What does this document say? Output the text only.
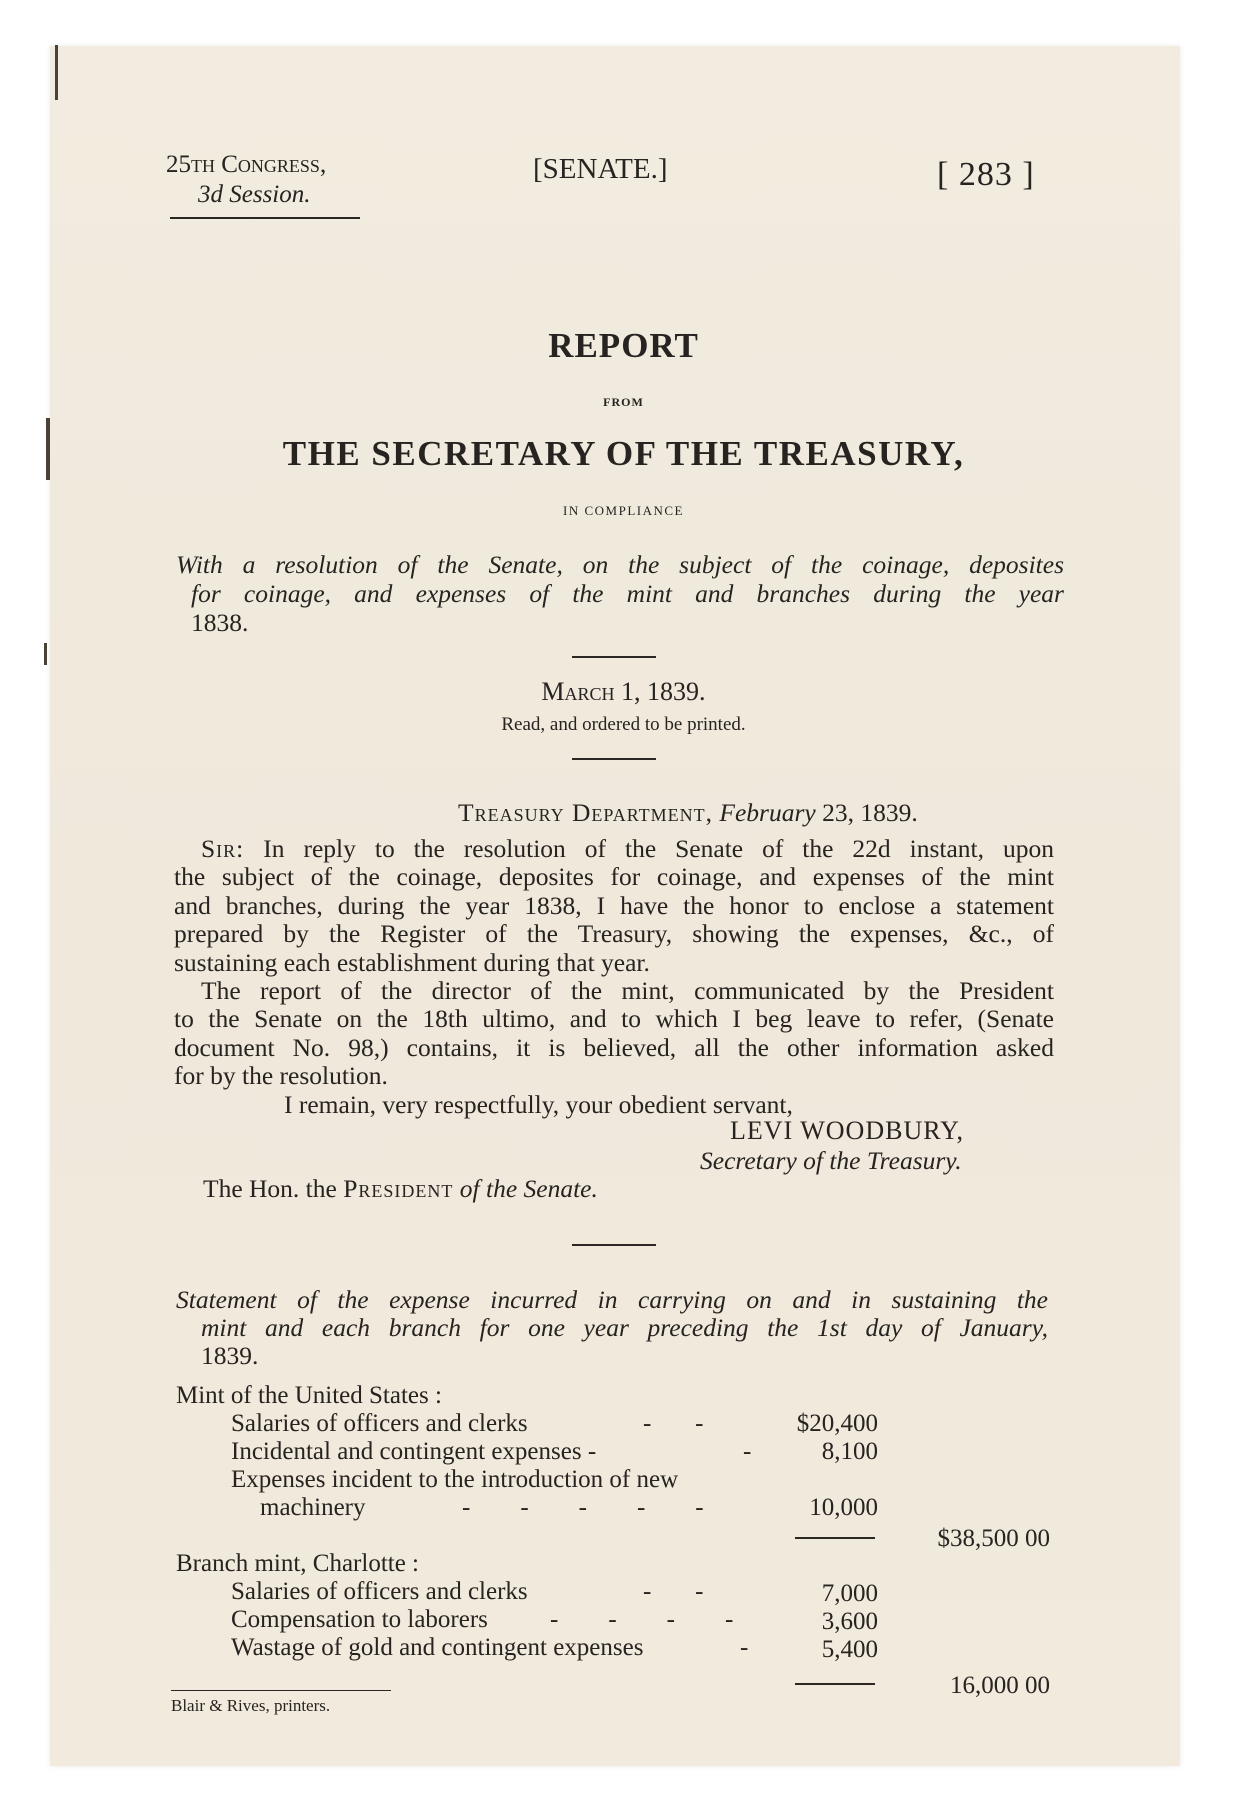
25th Congress,
3d Session.
[SENATE.]	[ 283 ]
REPORT
FROM
THE SECRETARY OF THE TREASURY,
IN COMPLIANCE
With a resolution of the Senate, on the subject of the coinage, deposites
for coinage, and expenses of the mint and branches during the year
1838.
March 1, 1839.
Read, and ordered to be printed.
Treasury Department, February 23, 1839.
Sir: In reply to the resolution of the Senate of the 22d instant, upon
the subject of the coinage, deposites for coinage, and expenses of the mint
and branches, during the year 1838, I have the honor to enclose a statement
prepared by the Register of the Treasury, showing the expenses, &c., of
sustaining each establishment during that year.
The report of the director of the mint, communicated by the President
to the Senate on the 18th ultimo, and to which I beg leave to refer, (Senate
document No. 98,) contains, it is believed, all the other information asked
for by the resolution.
I remain, very respectfully, your obedient servant,
LEVI WOODBURY,
Secretary of the Treasury.
The Hon. the President of the Senate.
Statement of the expense incurred in carrying on and in sustaining the
mint and each branch for one year preceding the 1st day of January,
1839.
Mint of the United States :
Salaries of officers and clerks	-       -	$20,400
Incidental and contingent expenses -	-	8,100
Expenses incident to the introduction of new
machinery	-        -        -        -        -	10,000
$38,500 00
Branch mint, Charlotte :
Salaries of officers and clerks	-       -	7,000
Compensation to laborers -        -        -        -	3,600
Wastage of gold and contingent expenses	-	5,400
16,000 00
Blair & Rives, printers.
